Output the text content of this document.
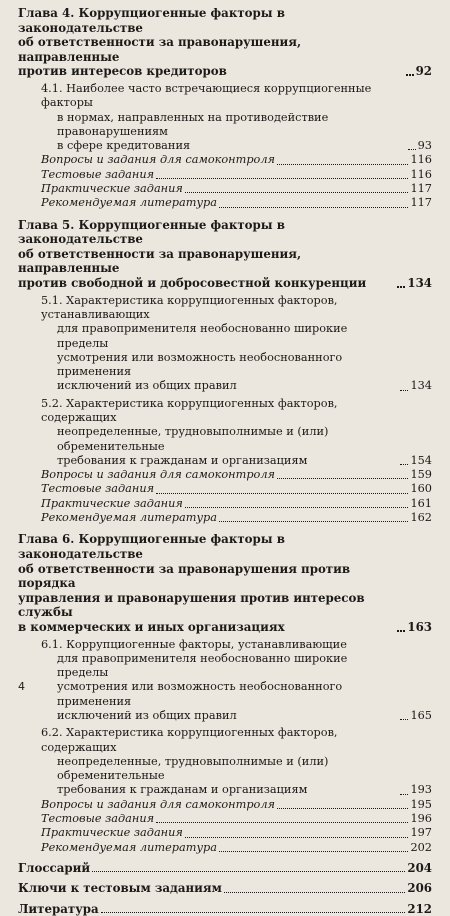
Глава 4. Коррупциогенные факторы в законодательстве
об ответственности за правонарушения, направленные
против интересов кредиторов	92
4.1. Наиболее часто встречающиеся коррупциогенные факторы
в нормах, направленных на противодействие правонарушениям
в сфере кредитования	93
Вопросы и задания для самоконтроля	116
Тестовые задания	116
Практические задания	117
Рекомендуемая литература	117
Глава 5. Коррупциогенные факторы в законодательстве
об ответственности за правонарушения, направленные
против свободной и добросовестной конкуренции	134
5.1. Характеристика коррупциогенных факторов, устанавливающих
для правоприменителя необоснованно широкие пределы
усмотрения или возможность необоснованного применения
исключений из общих правил	134
5.2. Характеристика коррупциогенных факторов, содержащих
неопределенные, трудновыполнимые и (или) обременительные
требования к гражданам и организациям	154
Вопросы и задания для самоконтроля	159
Тестовые задания	160
Практические задания	161
Рекомендуемая литература	162
Глава 6. Коррупциогенные факторы в законодательстве
об ответственности за правонарушения против порядка
управления и правонарушения против интересов службы
в коммерческих и иных организациях	163
6.1. Коррупциогенные факторы, устанавливающие
для правоприменителя необоснованно широкие пределы
усмотрения или возможность необоснованного применения
исключений из общих правил	165
6.2. Характеристика коррупциогенных факторов, содержащих
неопределенные, трудновыполнимые и (или) обременительные
требования к гражданам и организациям	193
Вопросы и задания для самоконтроля	195
Тестовые задания	196
Практические задания	197
Рекомендуемая литература	202
Глоссарий	204
Ключи к тестовым заданиям	206
Литература	212
4
